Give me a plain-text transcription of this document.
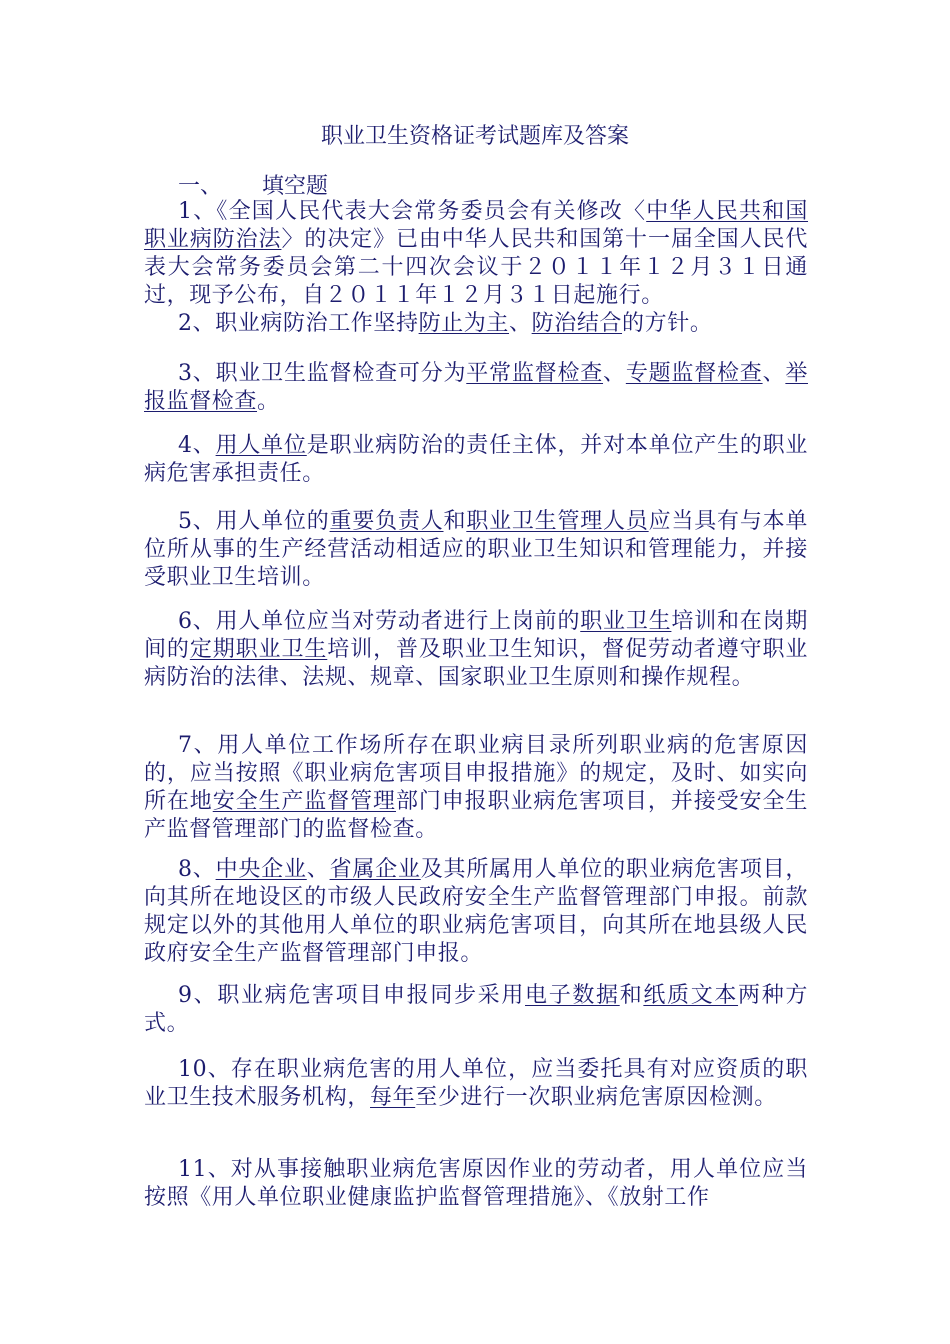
职业卫生资格证考试题库及答案
一、 填空题

1、《全国人民代表大会常务委员会有关修改〈中华人民共和国职业病防治法〉的决定》已由中华人民共和国第十一届全国人民代表大会常务委员会第二十四次会议于２０１１年１２月３１日通过，现予公布，自２０１１年１２月３１日起施行。

2、职业病防治工作坚持防止为主、防治结合的方针。

3、职业卫生监督检查可分为平常监督检查、专题监督检查、举报监督检查。

4、用人单位是职业病防治的责任主体，并对本单位产生的职业病危害承担责任。

5、用人单位的重要负责人和职业卫生管理人员应当具有与本单位所从事的生产经营活动相适应的职业卫生知识和管理能力，并接受职业卫生培训。

6、用人单位应当对劳动者进行上岗前的职业卫生培训和在岗期间的定期职业卫生培训，普及职业卫生知识，督促劳动者遵守职业病防治的法律、法规、规章、国家职业卫生原则和操作规程。

7、用人单位工作场所存在职业病目录所列职业病的危害原因的，应当按照《职业病危害项目申报措施》的规定，及时、如实向所在地安全生产监督管理部门申报职业病危害项目，并接受安全生产监督管理部门的监督检查。

8、中央企业、省属企业及其所属用人单位的职业病危害项目，向其所在地设区的市级人民政府安全生产监督管理部门申报。前款规定以外的其他用人单位的职业病危害项目，向其所在地县级人民政府安全生产监督管理部门申报。

9、职业病危害项目申报同步采用电子数据和纸质文本两种方式。

10、存在职业病危害的用人单位，应当委托具有对应资质的职业卫生技术服务机构，每年至少进行一次职业病危害原因检测。

11、对从事接触职业病危害原因作业的劳动者，用人单位应当按照《用人单位职业健康监护监督管理措施》、《放射工作
